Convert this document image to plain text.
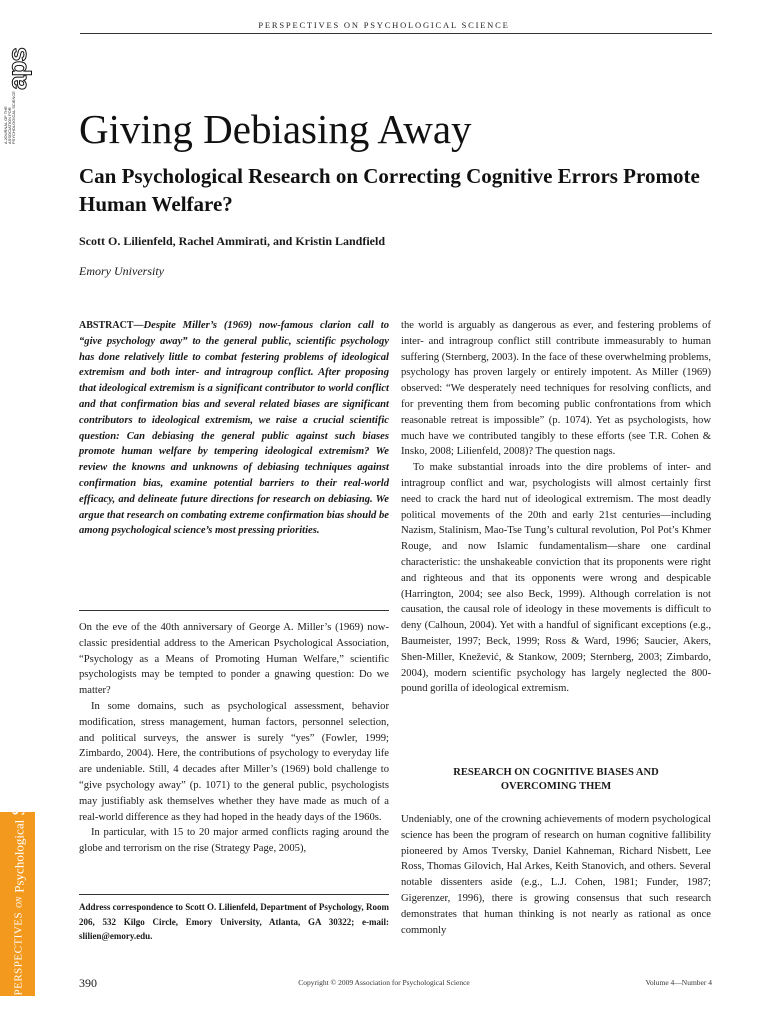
PERSPECTIVES ON PSYCHOLOGICAL SCIENCE
aps
A JOURNAL OF THE ASSOCIATION FOR PSYCHOLOGICAL SCIENCE Giving Debiasing Away
Can Psychological Research on Correcting Cognitive Errors Promote Human Welfare?
Scott O. Lilienfeld, Rachel Ammirati, and Kristin Landfield
Emory University
ABSTRACT—Despite Miller’s (1969) now-famous clarion call to “give psychology away” to the general public, scientific psychology has done relatively little to combat festering problems of ideological extremism and both inter- and intragroup conflict. After proposing that ideological extremism is a significant contributor to world conflict and that confirmation bias and several related biases are significant contributors to ideological extremism, we raise a crucial scientific question: Can debiasing the general public against such biases promote human welfare by tempering ideological extremism? We review the knowns and unknowns of debiasing techniques against confirmation bias, examine potential barriers to their real-world efficacy, and delineate future directions for research on debiasing. We argue that research on combating extreme confirmation bias should be among psychological science’s most pressing priorities.

On the eve of the 40th anniversary of George A. Miller’s (1969) now-classic presidential address to the American Psychological Association, “Psychology as a Means of Promoting Human Welfare,” scientific psychologists may be tempted to ponder a gnawing question: Do we matter?

In some domains, such as psychological assessment, behavior modification, stress management, human factors, personnel selection, and political surveys, the answer is surely “yes” (Fowler, 1999; Zimbardo, 2004). Here, the contributions of psychology to everyday life are undeniable. Still, 4 decades after Miller’s (1969) bold challenge to “give psychology away” (p. 1071) to the general public, psychologists may justifiably ask themselves whether they have made as much of a real-world difference as they had hoped in the heady days of the 1960s.

In particular, with 15 to 20 major armed conflicts raging around the globe and terrorism on the rise (Strategy Page, 2005),

Address correspondence to Scott O. Lilienfeld, Department of Psychology, Room 206, 532 Kilgo Circle, Emory University, Atlanta, GA 30322; e-mail: slilien@emory.edu.

the world is arguably as dangerous as ever, and festering problems of inter- and intragroup conflict still contribute immeasurably to human suffering (Sternberg, 2003). In the face of these overwhelming problems, psychology has proven largely or entirely impotent. As Miller (1969) observed: “We desperately need techniques for resolving conflicts, and for preventing them from becoming public confrontations from which reasonable retreat is impossible” (p. 1074). Yet as psychologists, how much have we contributed tangibly to these efforts (see T.R. Cohen & Insko, 2008; Lilienfeld, 2008)? The question nags.

To make substantial inroads into the dire problems of inter- and intragroup conflict and war, psychologists will almost certainly first need to crack the hard nut of ideological extremism. The most deadly political movements of the 20th and early 21st centuries—including Nazism, Stalinism, Mao-Tse Tung’s cultural revolution, Pol Pot’s Khmer Rouge, and now Islamic fundamentalism—share one cardinal characteristic: the unshakeable conviction that its proponents were right and righteous and that its opponents were wrong and despicable (Harrington, 2004; see also Beck, 1999). Although correlation is not causation, the causal role of ideology in these movements is difficult to deny (Calhoun, 2004). Yet with a handful of significant exceptions (e.g., Baumeister, 1997; Beck, 1999; Ross & Ward, 1996; Saucier, Akers, Shen-Miller, Knežević, & Stankow, 2009; Sternberg, 2003; Zimbardo, 2004), modern scientific psychology has largely neglected the 800-pound gorilla of ideological extremism.

RESEARCH ON COGNITIVE BIASES AND
OVERCOMING THEM

Undeniably, one of the crowning achievements of modern psychological science has been the program of research on human cognitive fallibility pioneered by Amos Tversky, Daniel Kahneman, Richard Nisbett, Lee Ross, Thomas Gilovich, Hal Arkes, Keith Stanovich, and others. Several notable dissenters aside (e.g., L.J. Cohen, 1981; Funder, 1987; Gigerenzer, 1996), there is growing consensus that such research demonstrates that human thinking is not nearly as rational as once commonly

390	Copyright © 2009 Association for Psychological Science	Volume 4—Number 4
PERSPECTIVES ON Psychological Science
